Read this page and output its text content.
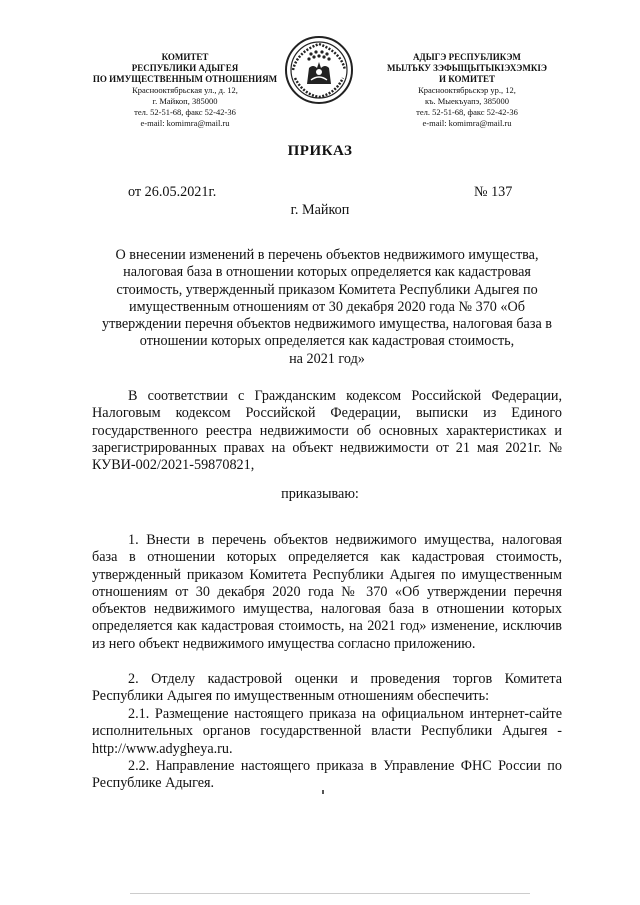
КОМИТЕТ
РЕСПУБЛИКИ АДЫГЕЯ
ПО ИМУЩЕСТВЕННЫМ ОТНОШЕНИЯМ
Краснооктябрьская ул., д. 12,
г. Майкоп, 385000
тел. 52-51-68, факс 52-42-36
e-mail: komimra@mail.ru
АДЫГЭ РЕСПУБЛИКЭМ
МЫЛЪКУ ЗЭФЫЩЫТЫКІЭХЭМКІЭ
И КОМИТЕТ
Краснооктябрьскэр ур., 12,
къ. Мыекъуапэ, 385000
тел. 52-51-68, факс 52-42-36
e-mail: komimra@mail.ru
ПРИКАЗ
от 26.05.2021г.	№ 137
г. Майкоп
О внесении изменений в перечень объектов недвижимого имущества,
налоговая база в отношении которых определяется как кадастровая
стоимость, утвержденный приказом Комитета Республики Адыгея по
имущественным отношениям от 30 декабря 2020 года № 370 «Об
утверждении перечня объектов недвижимого имущества, налоговая база в
отношении которых определяется как кадастровая стоимость,
на 2021 год»

В соответствии с Гражданским кодексом Российской Федерации, Налоговым кодексом Российской Федерации, выписки из Единого государственного реестра недвижимости об основных характеристиках и зарегистрированных правах на объект недвижимости от 21 мая 2021г. № КУВИ-002/2021-59870821,

приказываю:

1. Внести в перечень объектов недвижимого имущества, налоговая база в отношении которых определяется как кадастровая стоимость, утвержденный приказом Комитета Республики Адыгея по имущественным отношениям от 30 декабря 2020 года № 370 «Об утверждении перечня объектов недвижимого имущества, налоговая база в отношении которых определяется как кадастровая стоимость, на 2021 год» изменение, исключив из него объект недвижимого имущества согласно приложению.

2. Отделу кадастровой оценки и проведения торгов Комитета Республики Адыгея по имущественным отношениям обеспечить:

2.1. Размещение настоящего приказа на официальном интернет-сайте исполнительных органов государственной власти Республики Адыгея - http://www.adygheya.ru.

2.2. Направление настоящего приказа в Управление ФНС России по Республике Адыгея.
